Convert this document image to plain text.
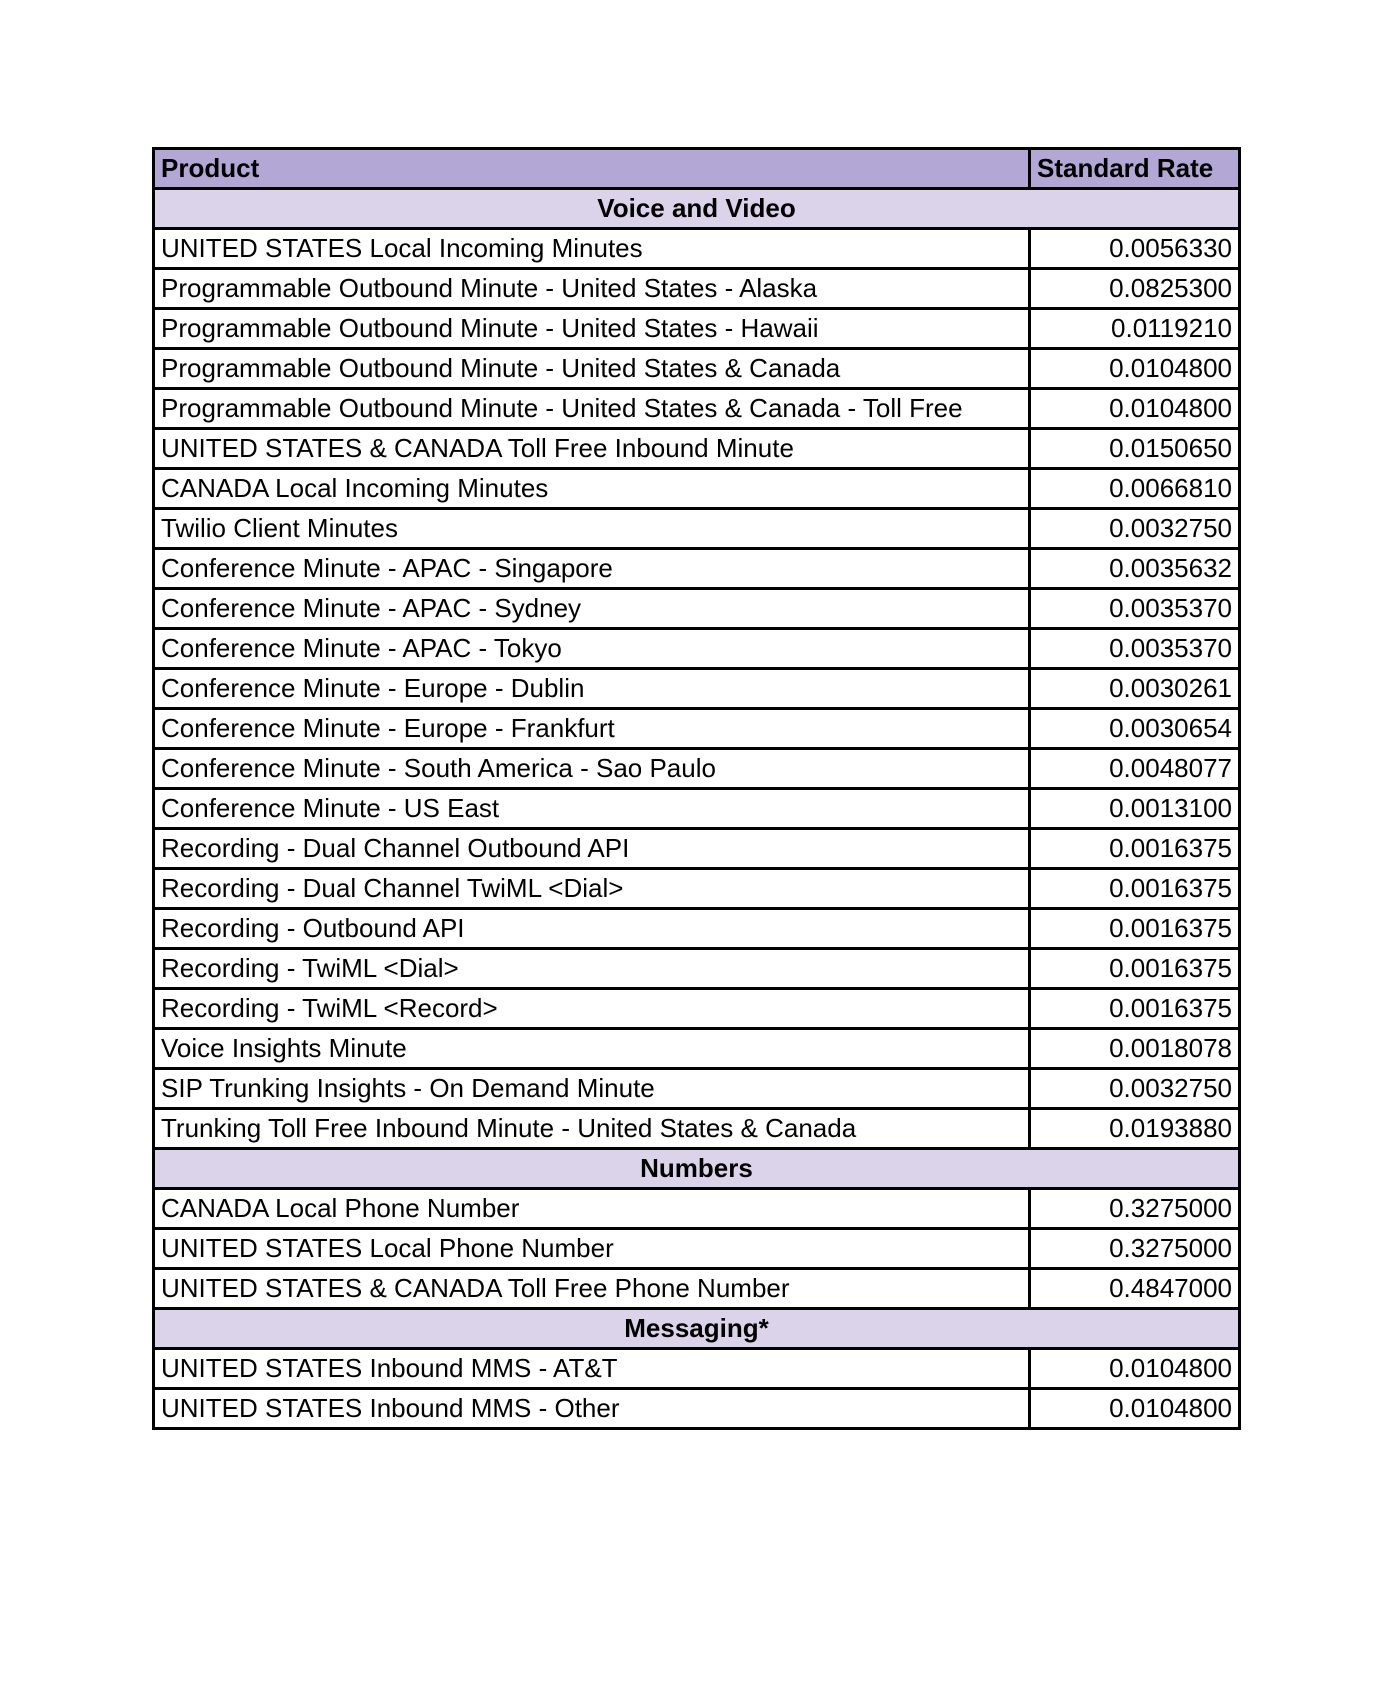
Product	Standard Rate
Voice and Video	
UNITED STATES Local Incoming Minutes	0.0056330
Programmable Outbound Minute - United States - Alaska	0.0825300
Programmable Outbound Minute - United States - Hawaii	0.0119210
Programmable Outbound Minute - United States & Canada	0.0104800
Programmable Outbound Minute - United States & Canada - Toll Free	0.0104800
UNITED STATES & CANADA Toll Free Inbound Minute	0.0150650
CANADA Local Incoming Minutes	0.0066810
Twilio Client Minutes	0.0032750
Conference Minute - APAC - Singapore	0.0035632
Conference Minute - APAC - Sydney	0.0035370
Conference Minute - APAC - Tokyo	0.0035370
Conference Minute - Europe - Dublin	0.0030261
Conference Minute - Europe - Frankfurt	0.0030654
Conference Minute - South America - Sao Paulo	0.0048077
Conference Minute - US East	0.0013100
Recording - Dual Channel Outbound API	0.0016375
Recording - Dual Channel TwiML <Dial>	0.0016375
Recording - Outbound API	0.0016375
Recording - TwiML <Dial>	0.0016375
Recording - TwiML <Record>	0.0016375
Voice Insights Minute	0.0018078
SIP Trunking Insights - On Demand Minute	0.0032750
Trunking Toll Free Inbound Minute - United States & Canada	0.0193880
Numbers	
CANADA Local Phone Number	0.3275000
UNITED STATES Local Phone Number	0.3275000
UNITED STATES & CANADA Toll Free Phone Number	0.4847000
Messaging*	
UNITED STATES Inbound MMS - AT&T	0.0104800
UNITED STATES Inbound MMS - Other	0.0104800
